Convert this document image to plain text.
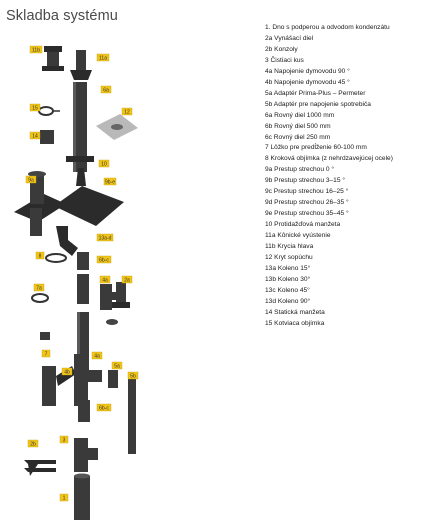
Skladba systému
11b
11a
6a
12
15
14
10
9a	9b-e
13a-d
8
6b-c
7a
4a	2a
7	4a
4b
5a
5b
6b-c
2b
3
1
1. Dno s podperou a odvodom kondenzátu
2a Vynášací diel
2b Konzoly
3 Čistiaci kus
4a Napojenie dymovodu 90 °
4b Napojenie dymovodu 45 °
5a Adaptér Prima-Plus – Permeter
5b Adaptér pre napojenie spotrebiča
6a Rovný diel 1000 mm
6b Rovný diel 500 mm
6c Rovný diel 250 mm
7 Lôžko pre predĺženie 60-100 mm
8 Kroková objímka (z nehrdzavejúcej ocele)
9a Prestup strechou 0 °
9b Prestup strechou 3–15 °
9c Prestup strechou 16–25 °
9d Prestup strechou 26–35 °
9e Prestup strechou 35–45 °
10 Protidažďová manžeta
11a Kônické vyústenie
11b Krycia hlava
12 Kryt sopúchu
13a Koleno 15°
13b Koleno 30°
13c Koleno 45°
13d Koleno 90°
14 Statická manžeta
15 Kotviaca objímka
